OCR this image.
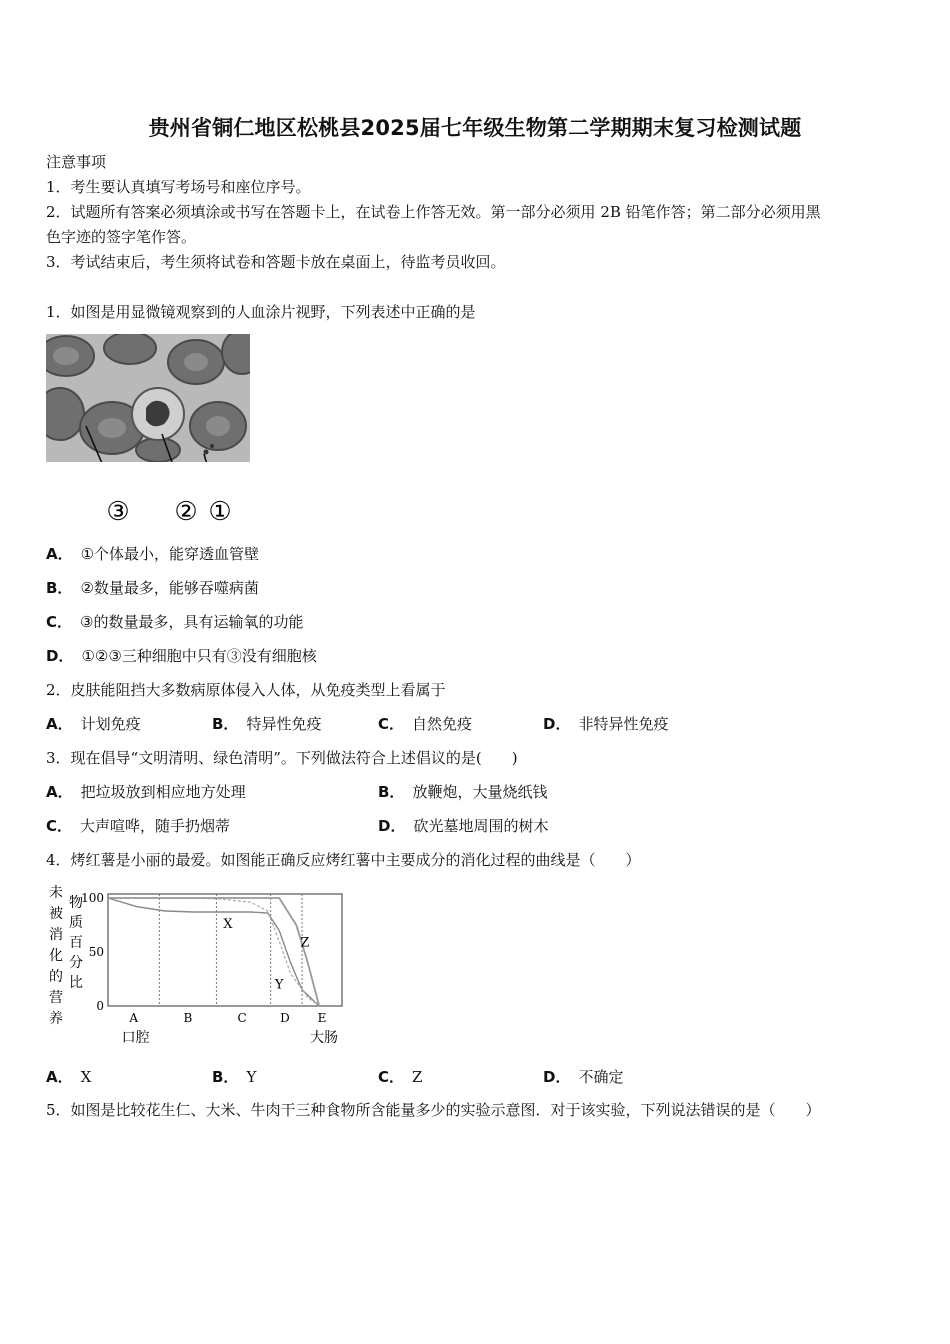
贵州省铜仁地区松桃县2025届七年级生物第二学期期末复习检测试题
注意事项
1．考生要认真填写考场号和座位序号。
2．试题所有答案必须填涂或书写在答题卡上，在试卷上作答无效。第一部分必须用 2B 铅笔作答；第二部分必须用黑
色字迹的签字笔作答。
3．考试结束后，考生须将试卷和答题卡放在桌面上，待监考员收回。
1．如图是用显微镜观察到的人血涂片视野，下列表述中正确的是
③ ② ①
A． ①个体最小，能穿透血管壁
B． ②数量最多，能够吞噬病菌
C． ③的数量最多，具有运输氧的功能
D． ①②③三种细胞中只有③没有细胞核
2．皮肤能阻挡大多数病原体侵入人体，从免疫类型上看属于
A． 计划免疫	B． 特异性免疫	C． 自然免疫	D． 非特异性免疫
3．现在倡导“文明清明、绿色清明”。下列做法符合上述倡议的是(　　)
A． 把垃圾放到相应地方处理	B． 放鞭炮，大量烧纸钱
C． 大声喧哗，随手扔烟蒂	D． 砍光墓地周围的树木
4．烤红薯是小丽的最爱。如图能正确反应烤红薯中主要成分的消化过程的曲线是（　　）
未
被
消
化
的
营
养
物
质
百
分
比
100
50
0
A
口腔
B	C	D E
大肠
X
Y
Z
A． X	B． Y	C． Z	D． 不确定
5．如图是比较花生仁、大米、牛肉干三种食物所含能量多少的实验示意图．对于该实验，下列说法错误的是（　　）
